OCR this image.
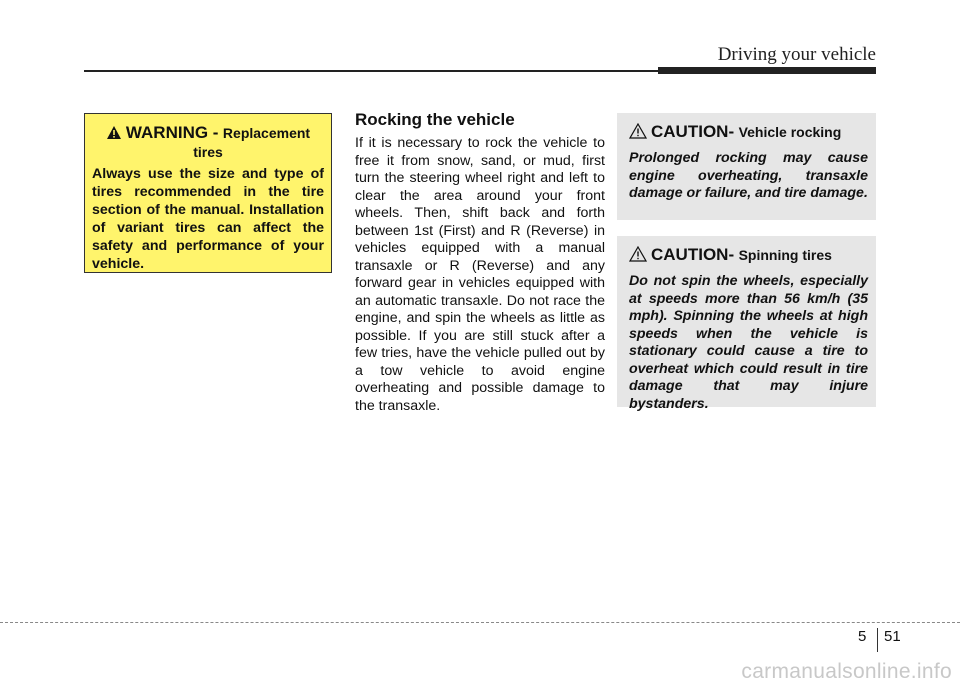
Driving your vehicle
WARNING - Replacement
tires
Always use the size and type of tires recommended in the tire section of the manual. Installation of variant tires can affect the safety and performance of your vehicle.
Rocking the vehicle
If it is necessary to rock the vehicle to free it from snow, sand, or mud, first turn the steering wheel right and left to clear the area around your front wheels. Then, shift back and forth between 1st (First) and R (Reverse) in vehicles equipped with a manual transaxle or R (Reverse) and any forward gear in vehicles equipped with an automatic transaxle. Do not race the engine, and spin the wheels as little as possible. If you are still stuck after a few tries, have the vehicle pulled out by a tow vehicle to avoid engine overheating and possible damage to the transaxle.
CAUTION- Vehicle rocking
Prolonged rocking may cause engine overheating, transaxle damage or failure, and tire damage.
CAUTION- Spinning tires
Do not spin the wheels, especially at speeds more than 56 km/h (35 mph). Spinning the wheels at high speeds when the vehicle is stationary could cause a tire to overheat which could result in tire damage that may injure bystanders.
5 51
carmanualsonline.info
